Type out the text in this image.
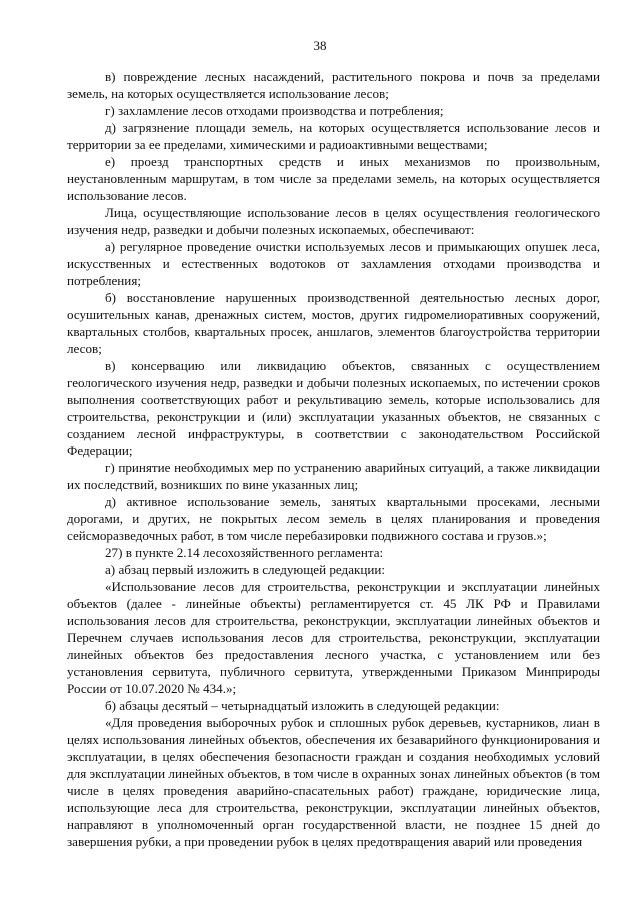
38

в) повреждение лесных насаждений, растительного покрова и почв за пределами земель, на которых осуществляется использование лесов;

г) захламление лесов отходами производства и потребления;

д) загрязнение площади земель, на которых осуществляется использование лесов и территории за ее пределами, химическими и радиоактивными веществами;

е) проезд транспортных средств и иных механизмов по произвольным, неустановленным маршрутам, в том числе за пределами земель, на которых осуществляется использование лесов.

Лица, осуществляющие использование лесов в целях осуществления геологического изучения недр, разведки и добычи полезных ископаемых, обеспечивают:

а) регулярное проведение очистки используемых лесов и примыкающих опушек леса, искусственных и естественных водотоков от захламления отходами производства и потребления;

б) восстановление нарушенных производственной деятельностью лесных дорог, осушительных канав, дренажных систем, мостов, других гидромелиоративных сооружений, квартальных столбов, квартальных просек, аншлагов, элементов благоустройства территории лесов;

в) консервацию или ликвидацию объектов, связанных с осуществлением геологического изучения недр, разведки и добычи полезных ископаемых, по истечении сроков выполнения соответствующих работ и рекультивацию земель, которые использовались для строительства, реконструкции и (или) эксплуатации указанных объектов, не связанных с созданием лесной инфраструктуры, в соответствии с законодательством Российской Федерации;

г) принятие необходимых мер по устранению аварийных ситуаций, а также ликвидации их последствий, возникших по вине указанных лиц;

д) активное использование земель, занятых квартальными просеками, лесными дорогами, и других, не покрытых лесом земель в целях планирования и проведения сейсморазведочных работ, в том числе перебазировки подвижного состава и грузов.»;

27) в пункте 2.14 лесохозяйственного регламента:

а) абзац первый изложить в следующей редакции:

«Использование лесов для строительства, реконструкции и эксплуатации линейных объектов (далее - линейные объекты) регламентируется ст. 45 ЛК РФ и Правилами использования лесов для строительства, реконструкции, эксплуатации линейных объектов и Перечнем случаев использования лесов для строительства, реконструкции, эксплуатации линейных объектов без предоставления лесного участка, с установлением или без установления сервитута, публичного сервитута, утвержденными Приказом Минприроды России от 10.07.2020 № 434.»;

б) абзацы десятый – четырнадцатый изложить в следующей редакции:

«Для проведения выборочных рубок и сплошных рубок деревьев, кустарников, лиан в целях использования линейных объектов, обеспечения их безаварийного функционирования и эксплуатации, в целях обеспечения безопасности граждан и создания необходимых условий для эксплуатации линейных объектов, в том числе в охранных зонах линейных объектов (в том числе в целях проведения аварийно-спасательных работ) граждане, юридические лица, использующие леса для строительства, реконструкции, эксплуатации линейных объектов, направляют в уполномоченный орган государственной власти, не позднее 15 дней до завершения рубки, а при проведении рубок в целях предотвращения аварий или проведения
